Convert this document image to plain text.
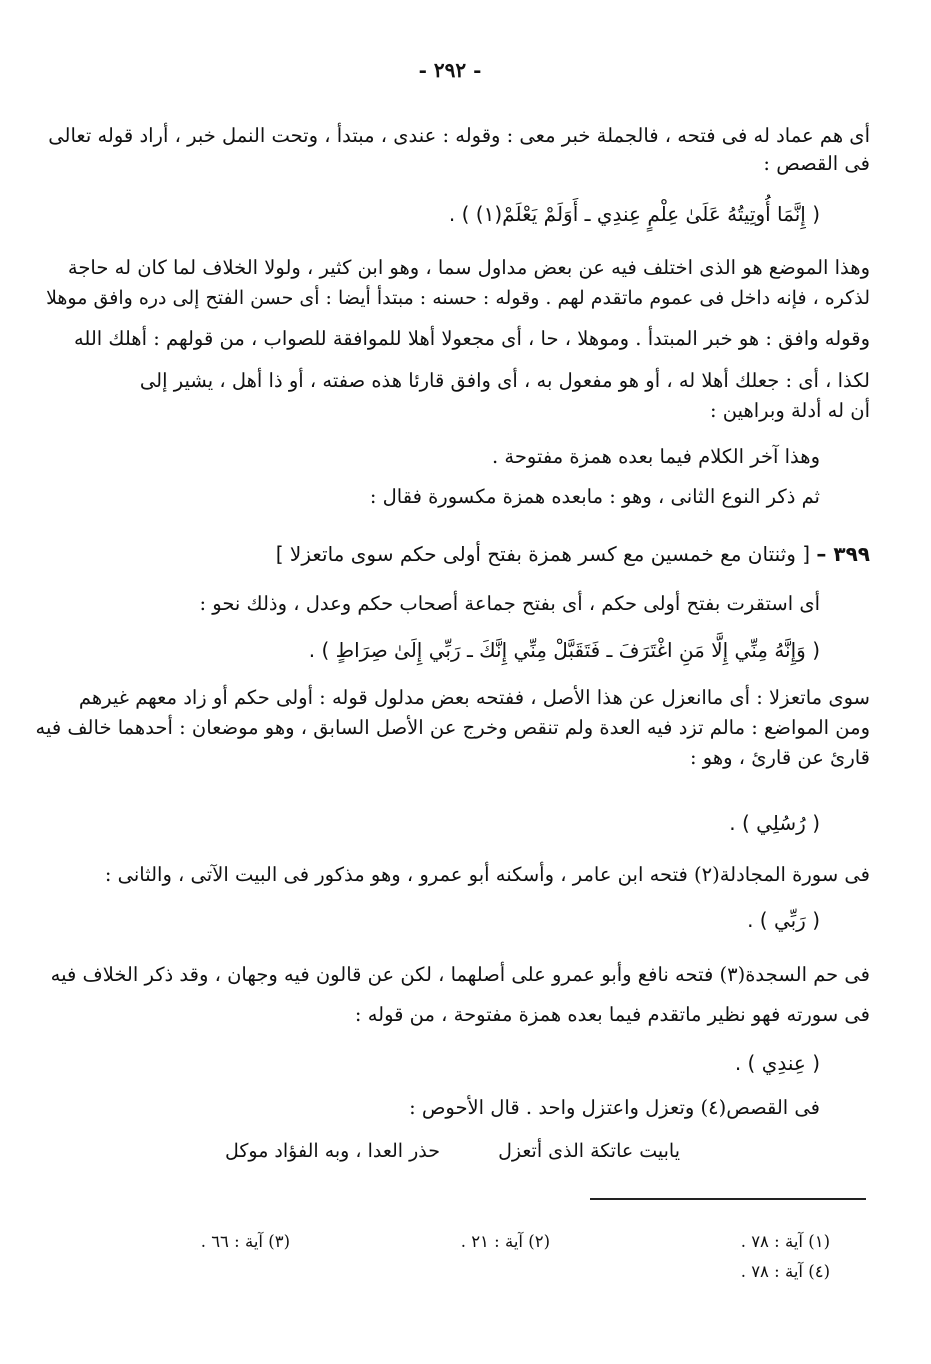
- ٢٩٢ -
أى هم عماد له فى فتحه ، فالجملة خبر معى : وقوله : عندى ، مبتدأ ، وتحت النمل خبر ، أراد قوله تعالى
فى القصص :
( إِنَّمَا أُوتِيتُهُ عَلَىٰ عِلْمٍ عِندِي ـ أَوَلَمْ يَعْلَمْ(١) ) .
وهذا الموضع هو الذى اختلف فيه عن بعض مداول سما ، وهو ابن كثير ، ولولا الخلاف لما كان له حاجة
لذكره ، فإنه داخل فى عموم ماتقدم لهم . وقوله : حسنه : مبتدأ أيضا : أى حسن الفتح إلى دره وافق موهلا
وقوله وافق : هو خبر المبتدأ . وموهلا ، حا ، أى مجعولا أهلا للموافقة للصواب ، من قولهم : أهلك الله
لكذا ، أى : جعلك أهلا له ، أو هو مفعول به ، أى وافق قارئا هذه صفته ، أو ذا أهل ، يشير إلى
أن له أدلة وبراهين :
وهذا آخر الكلام فيما بعده همزة مفتوحة .
ثم ذكر النوع الثانى ، وهو : مابعده همزة مكسورة فقال :
٣٩٩ – [ وثنتان مع خمسين مع كسر همزة بفتح أولى حكم سوى ماتعزلا ]
أى استقرت بفتح أولى حكم ، أى بفتح جماعة أصحاب حكم وعدل ، وذلك نحو :
( وَإِنَّهُ مِنِّي إِلَّا مَنِ اغْتَرَفَ ـ فَتَقَبَّلْ مِنِّي إِنَّكَ ـ رَبِّي إِلَىٰ صِرَاطٍ ) .
سوى ماتعزلا : أى ماانعزل عن هذا الأصل ، ففتحه بعض مدلول قوله : أولى حكم أو زاد معهم غيرهم
ومن المواضع : مالم تزد فيه العدة ولم تنقص وخرج عن الأصل السابق ، وهو موضعان : أحدهما خالف فيه
قارئ عن قارئ ، وهو :
( رُسُلِي ) .
فى سورة المجادلة(٢) فتحه ابن عامر ، وأسكنه أبو عمرو ، وهو مذكور فى البيت الآتى ، والثانى :
( رَبِّي ) .
فى حم السجدة(٣) فتحه نافع وأبو عمرو على أصلهما ، لكن عن قالون فيه وجهان ، وقد ذكر الخلاف فيه
فى سورته فهو نظير ماتقدم فيما بعده همزة مفتوحة ، من قوله :
( عِندِي ) .
فى القصص(٤) وتعزل واعتزل واحد . قال الأحوص :
يابيت عاتكة الذى أتعزل
حذر العدا ، وبه الفؤاد موكل
(١) آية : ٧٨ .
(٢) آية : ٢١ .
(٣) آية : ٦٦ .
(٤) آية : ٧٨ .
